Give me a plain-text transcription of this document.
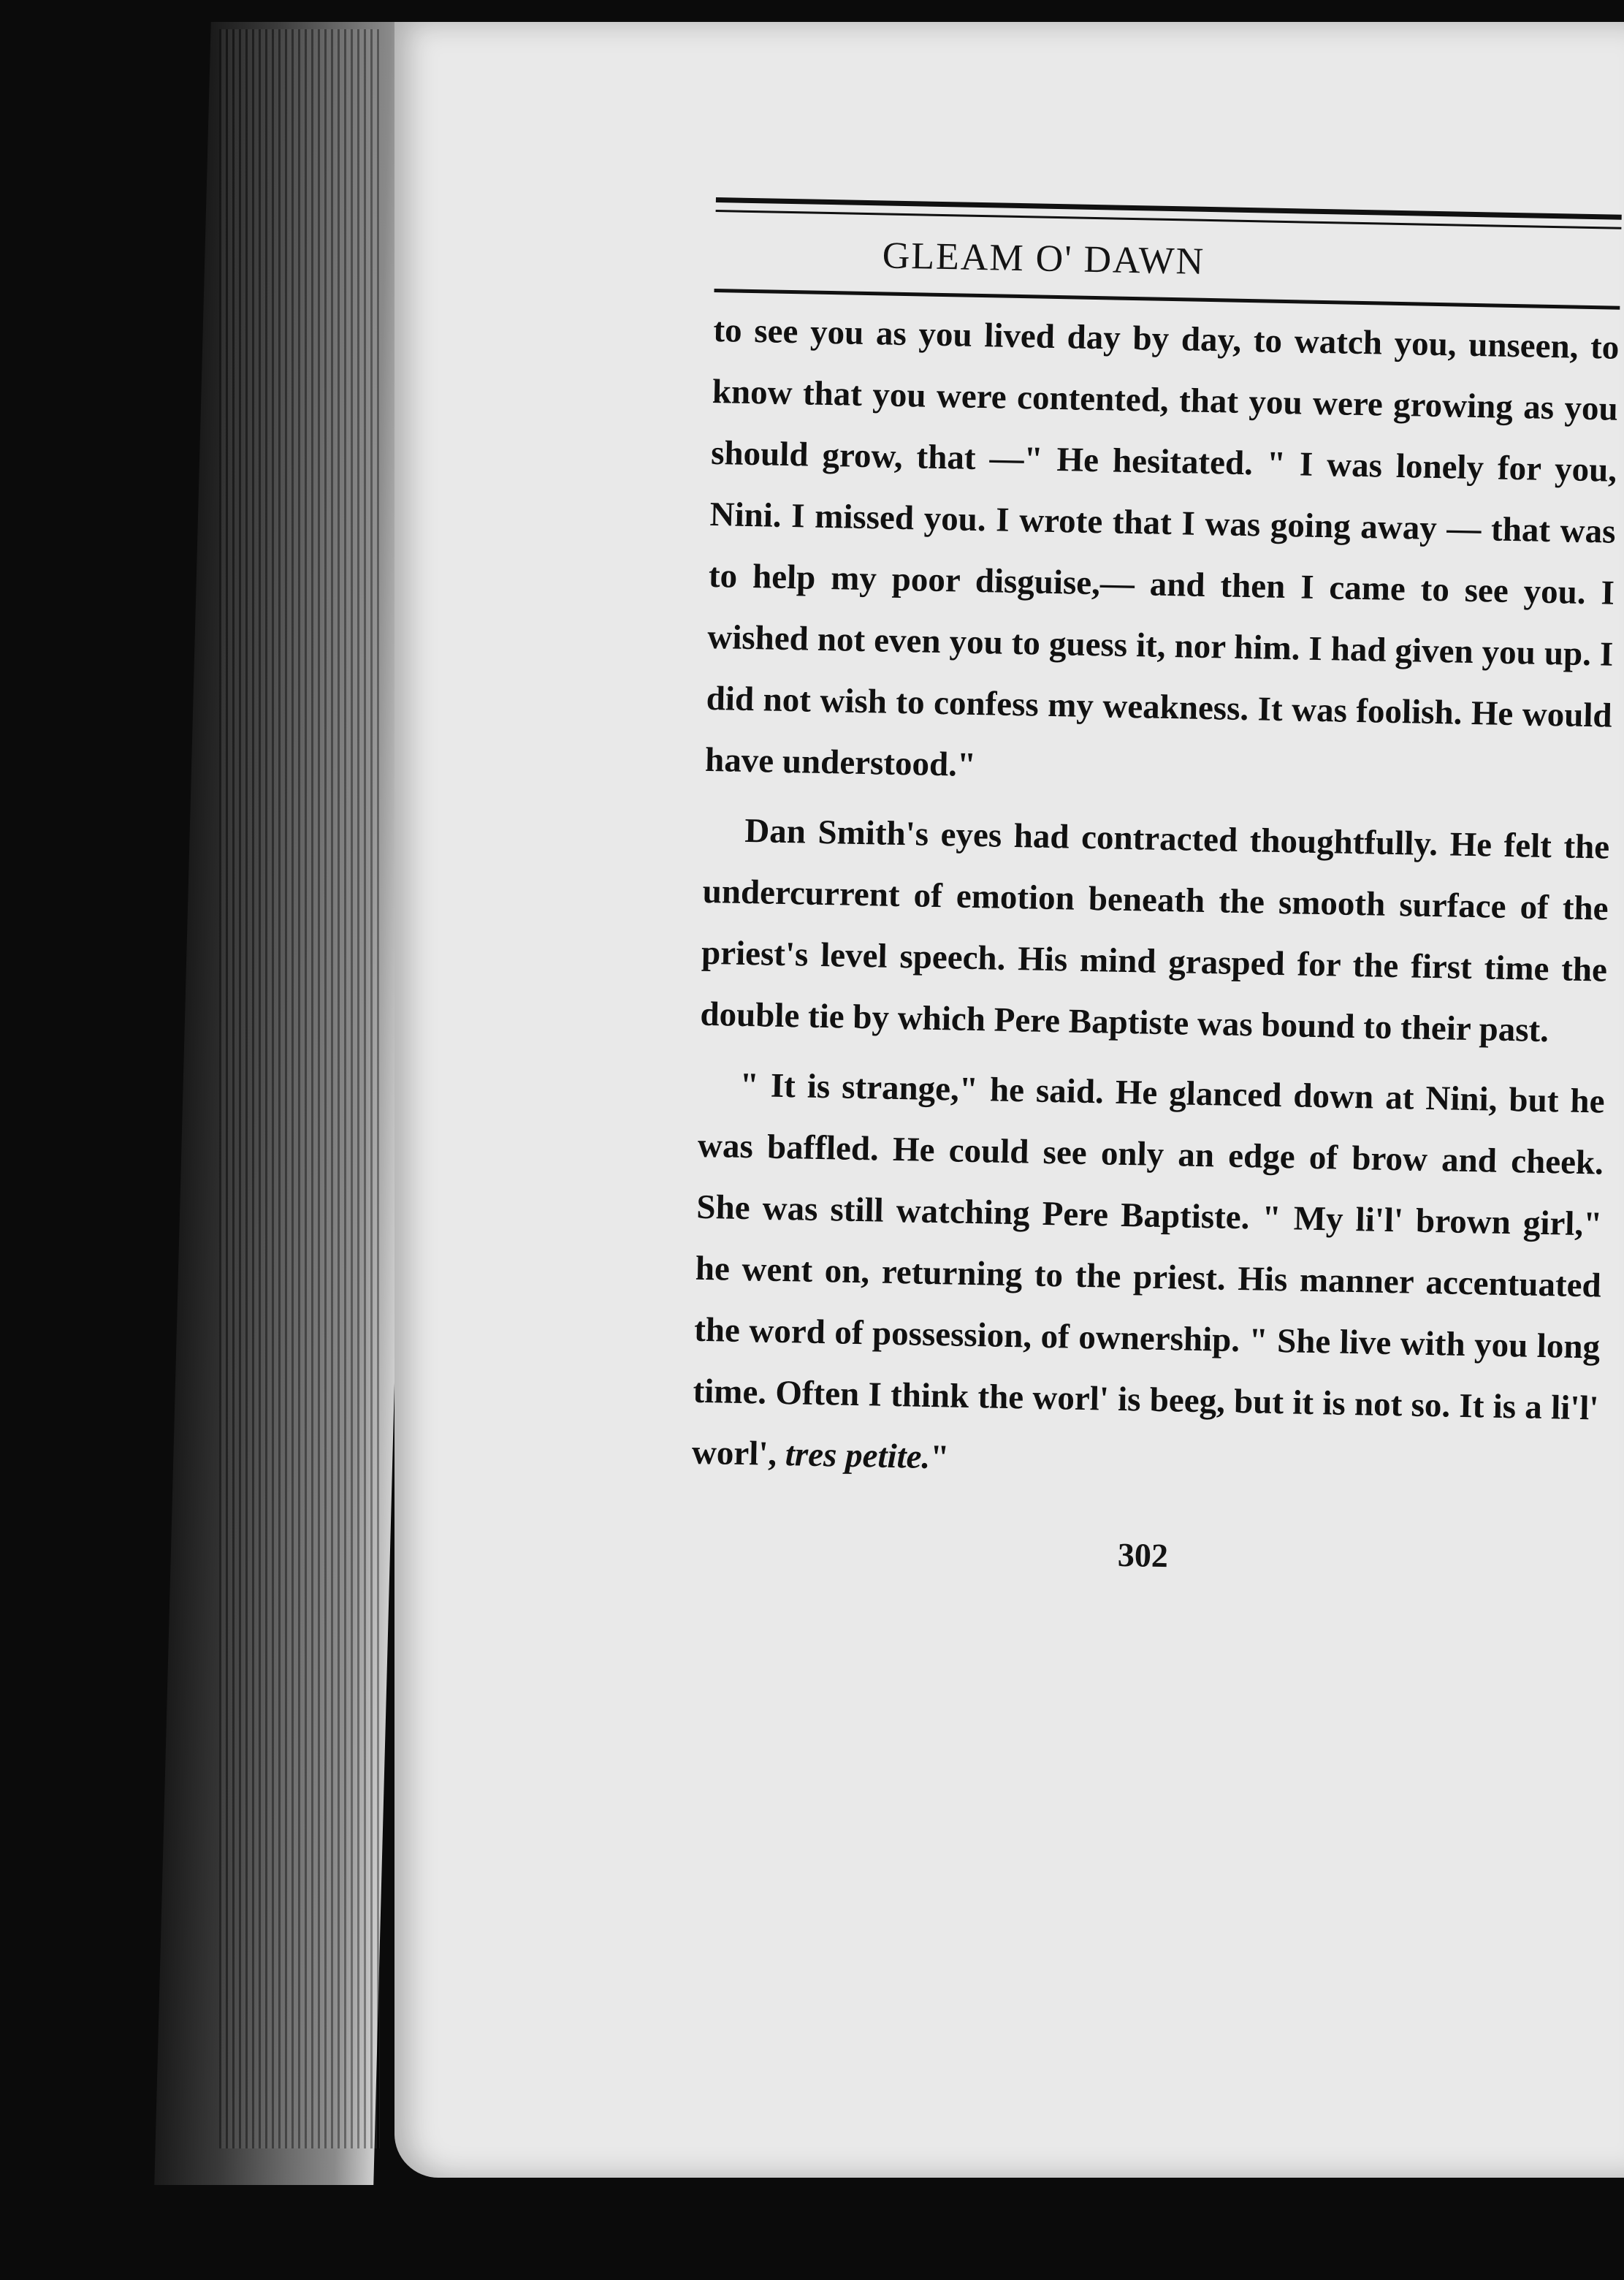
GLEAM O' DAWN

to see you as you lived day by day, to watch you, unseen, to know that you were contented, that you were growing as you should grow, that —" He hesitated. " I was lonely for you, Nini. I missed you. I wrote that I was going away — that was to help my poor disguise,— and then I came to see you. I wished not even you to guess it, nor him. I had given you up. I did not wish to confess my weakness. It was foolish. He would have understood."

Dan Smith's eyes had contracted thoughtfully. He felt the undercurrent of emotion beneath the smooth surface of the priest's level speech. His mind grasped for the first time the double tie by which Pere Baptiste was bound to their past.

" It is strange," he said. He glanced down at Nini, but he was baffled. He could see only an edge of brow and cheek. She was still watching Pere Baptiste. " My li'l' brown girl," he went on, returning to the priest. His manner accentuated the word of possession, of ownership. " She live with you long time. Often I think the worl' is beeg, but it is not so. It is a li'l' worl', tres petite."

302
